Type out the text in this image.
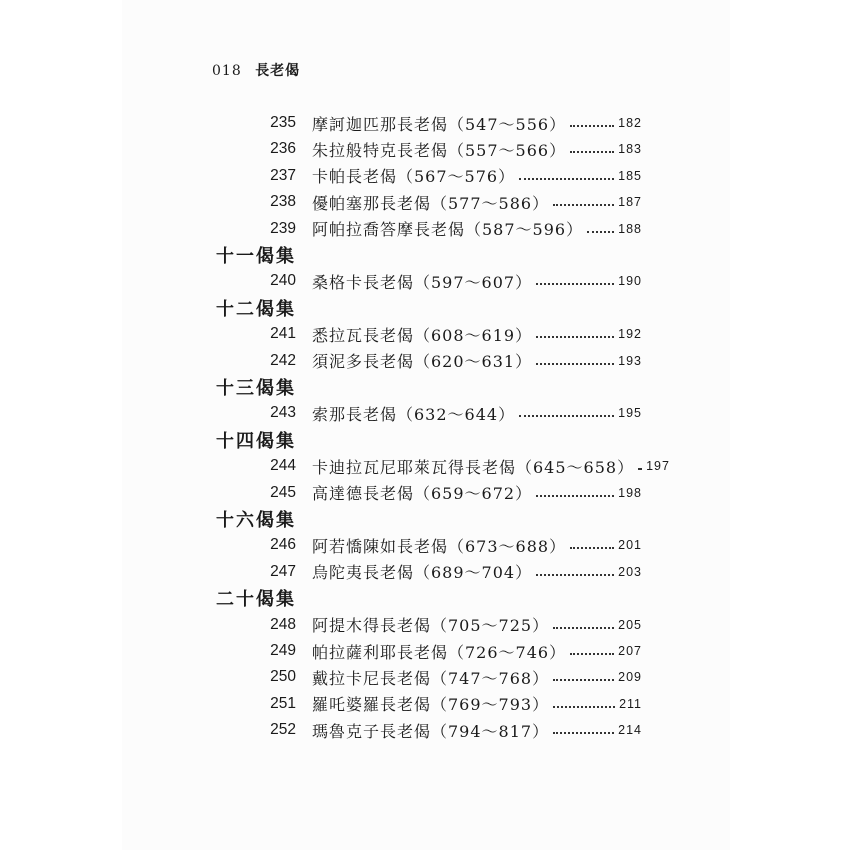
018 長老偈
235 摩訶迦匹那長老偈（547～556）	182
236 朱拉般特克長老偈（557～566）	183
237 卡帕長老偈（567～576）	185
238 優帕塞那長老偈（577～586）	187
239 阿帕拉喬答摩長老偈（587～596）	188
十一偈集
240 桑格卡長老偈（597～607）	190
十二偈集
241 悉拉瓦長老偈（608～619）	192
242 須泥多長老偈（620～631）	193
十三偈集
243 索那長老偈（632～644）	195
十四偈集
244 卡迪拉瓦尼耶萊瓦得長老偈（645～658） 197
245 高達德長老偈（659～672）	198
十六偈集
246 阿若憍陳如長老偈（673～688）	201
247 烏陀夷長老偈（689～704）	203
二十偈集
248 阿提木得長老偈（705～725）	205
249 帕拉薩利耶長老偈（726～746）	207
250 戴拉卡尼長老偈（747～768）	209
251 羅吒婆羅長老偈（769～793）	211
252 瑪魯克子長老偈（794～817）	214
